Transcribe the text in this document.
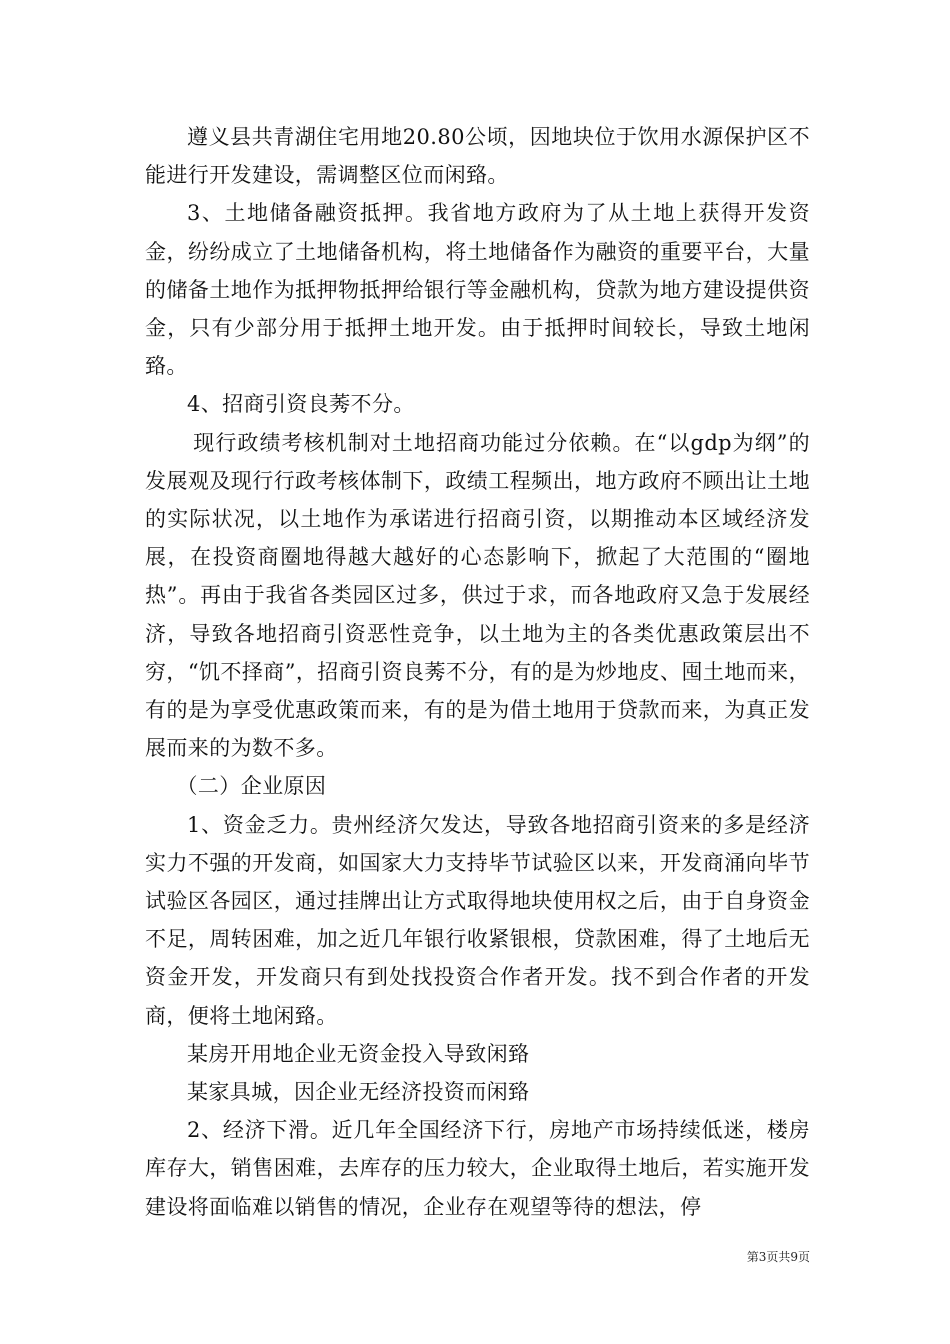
遵义县共青湖住宅用地20.80公顷，因地块位于饮用水源保护区不能进行开发建设，需调整区位而闲臵。

3、土地储备融资抵押。我省地方政府为了从土地上获得开发资金，纷纷成立了土地储备机构，将土地储备作为融资的重要平台，大量的储备土地作为抵押物抵押给银行等金融机构，贷款为地方建设提供资金，只有少部分用于抵押土地开发。由于抵押时间较长，导致土地闲臵。

4、招商引资良莠不分。

现行政绩考核机制对土地招商功能过分依赖。在“以gdp为纲”的发展观及现行行政考核体制下，政绩工程频出，地方政府不顾出让土地的实际状况，以土地作为承诺进行招商引资，以期推动本区域经济发展，在投资商圈地得越大越好的心态影响下，掀起了大范围的“圈地热”。再由于我省各类园区过多，供过于求，而各地政府又急于发展经济，导致各地招商引资恶性竞争，以土地为主的各类优惠政策层出不穷，“饥不择商”，招商引资良莠不分，有的是为炒地皮、囤土地而来，有的是为享受优惠政策而来，有的是为借土地用于贷款而来，为真正发展而来的为数不多。

（二）企业原因

1、资金乏力。贵州经济欠发达，导致各地招商引资来的多是经济实力不强的开发商，如国家大力支持毕节试验区以来，开发商涌向毕节试验区各园区，通过挂牌出让方式取得地块使用权之后，由于自身资金不足，周转困难，加之近几年银行收紧银根，贷款困难，得了土地后无资金开发，开发商只有到处找投资合作者开发。找不到合作者的开发商，便将土地闲臵。

某房开用地企业无资金投入导致闲臵

某家具城，因企业无经济投资而闲臵

2、经济下滑。近几年全国经济下行，房地产市场持续低迷，楼房库存大，销售困难，去库存的压力较大，企业取得土地后，若实施开发建设将面临难以销售的情况，企业存在观望等待的想法，停

第3页共9页
